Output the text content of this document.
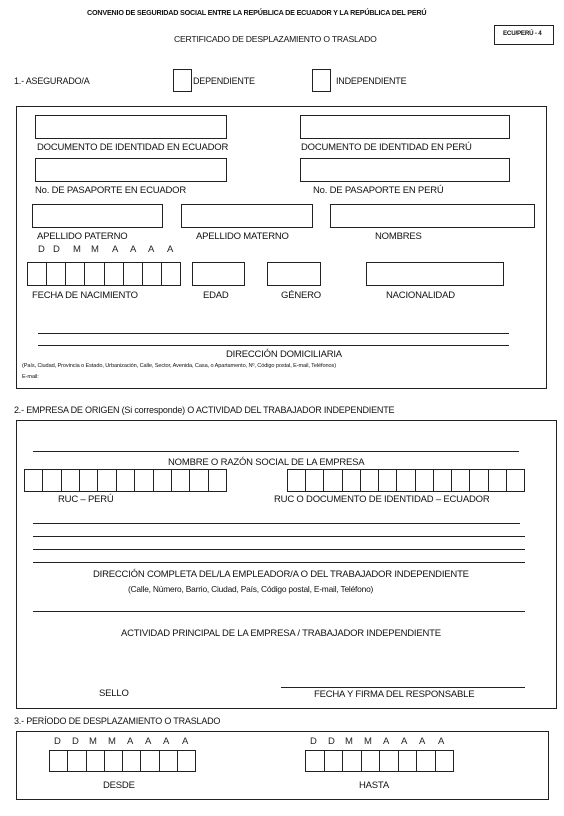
CONVENIO DE SEGURIDAD SOCIAL ENTRE LA REPÚBLICA DE ECUADOR Y LA REPÚBLICA DEL PERÚ
CERTIFICADO DE DESPLAZAMIENTO O TRASLADO
ECU/PERÚ - 4
1.- ASEGURADO/A	DEPENDIENTE	INDEPENDIENTE
DOCUMENTO DE IDENTIDAD EN ECUADOR	DOCUMENTO DE IDENTIDAD EN PERÚ
No. DE PASAPORTE EN ECUADOR	No. DE PASAPORTE EN PERÚ
APELLIDO PATERNO	APELLIDO MATERNO	NOMBRES
D D M M A A A A
FECHA DE NACIMIENTO	EDAD	GÉNERO	NACIONALIDAD
DIRECCIÓN DOMICILIARIA
(País, Ciudad, Provincia o Estado, Urbanización, Calle, Sector, Avenida, Casa, o Apartamento, Nº, Código postal, E-mail, Teléfonos)
E-mail:
2.- EMPRESA DE ORIGEN (Si corresponde) O ACTIVIDAD DEL TRABAJADOR INDEPENDIENTE
NOMBRE O RAZÓN SOCIAL DE LA EMPRESA
RUC – PERÚ	RUC O DOCUMENTO DE IDENTIDAD – ECUADOR
DIRECCIÓN COMPLETA DEL/LA EMPLEADOR/A O DEL TRABAJADOR INDEPENDIENTE
(Calle, Número, Barrio, Ciudad, País, Código postal, E-mail, Teléfono)
ACTIVIDAD PRINCIPAL DE LA EMPRESA / TRABAJADOR INDEPENDIENTE
SELLO	FECHA Y FIRMA DEL RESPONSABLE
3.- PERÍODO DE DESPLAZAMIENTO O TRASLADO
D D M M A A A A
DESDE
D D M M A A A A
HASTA
